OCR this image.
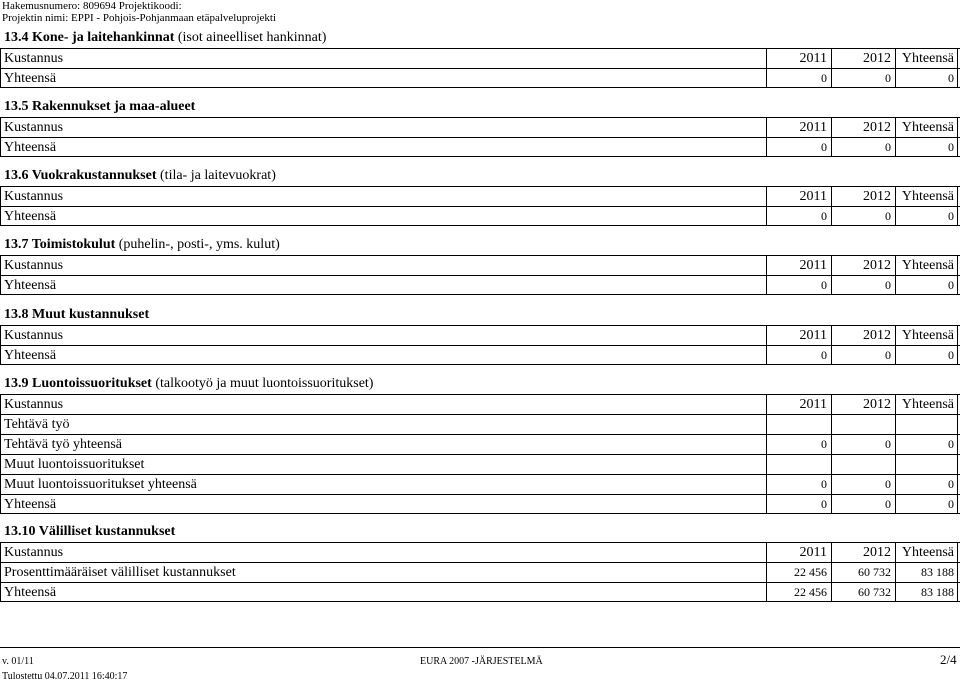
Hakemusnumero: 809694 Projektikoodi:
Projektin nimi: EPPI - Pohjois-Pohjanmaan etäpalveluprojekti
13.4 Kone- ja laitehankinnat (isot aineelliset hankinnat)
Kustannus	2011	2012 Yhteensä
Yhteensä	0	0	0
13.5 Rakennukset ja maa-alueet
Kustannus	2011	2012 Yhteensä
Yhteensä	0	0	0
13.6 Vuokrakustannukset (tila- ja laitevuokrat)
Kustannus	2011	2012 Yhteensä
Yhteensä	0	0	0
13.7 Toimistokulut (puhelin-, posti-, yms. kulut)
Kustannus	2011	2012 Yhteensä
Yhteensä	0	0	0
13.8 Muut kustannukset
Kustannus	2011	2012 Yhteensä
Yhteensä	0	0	0
13.9 Luontoissuoritukset (talkootyö ja muut luontoissuoritukset)
Kustannus	2011	2012 Yhteensä
Tehtävä työ
Tehtävä työ yhteensä	0	0	0
Muut luontoissuoritukset
Muut luontoissuoritukset yhteensä	0	0	0
Yhteensä	0	0	0
13.10 Välilliset kustannukset
Kustannus	2011	2012 Yhteensä
Prosenttimääräiset välilliset kustannukset	22 456	60 732	83 188
Yhteensä	22 456	60 732	83 188
v. 01/11	EURA 2007 -JÄRJESTELMÄ	2/4
Tulostettu 04.07.2011 16:40:17
